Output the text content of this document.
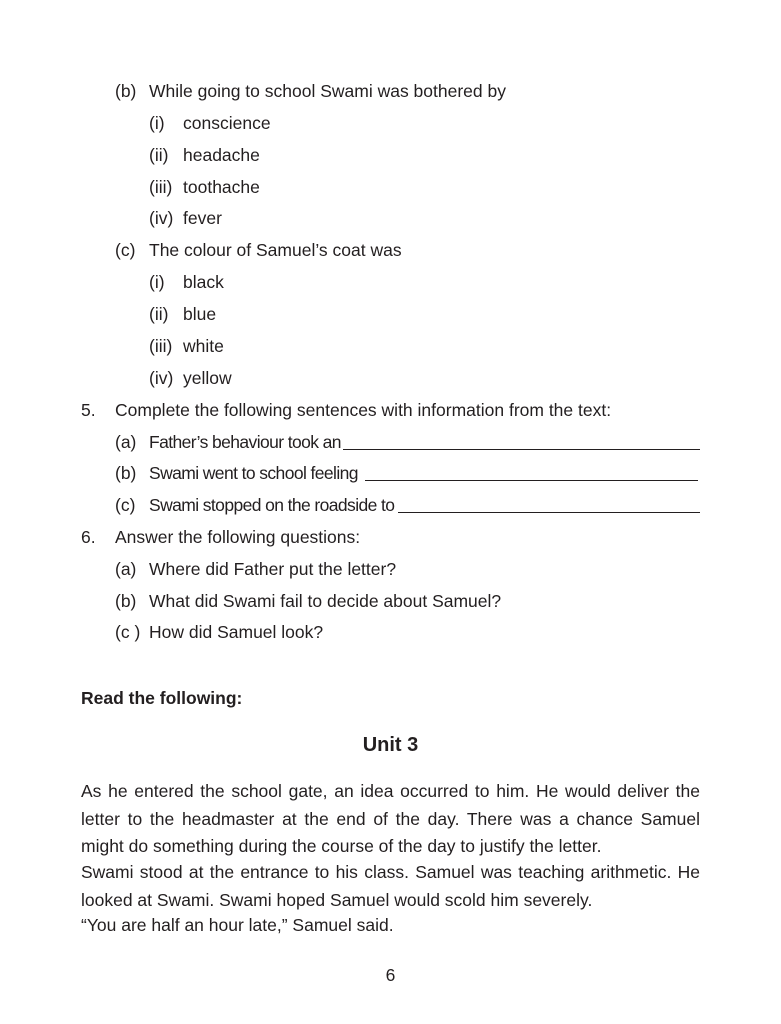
(b) While going to school Swami was bothered by
(i) conscience
(ii) headache
(iii) toothache
(iv) fever
(c) The colour of Samuel’s coat was
(i) black
(ii) blue
(iii) white
(iv) yellow
5. Complete the following sentences with information from the text:
(a) Father’s behaviour took an
(b) Swami went to school feeling
(c) Swami stopped on the roadside to
6. Answer the following questions:
(a) Where did Father put the letter?
(b) What did Swami fail to decide about Samuel?
(c ) How did Samuel look?
Read the following:
Unit 3
As he entered the school gate, an idea occurred to him. He would deliver the letter to the headmaster at the end of the day. There was a chance Samuel might do something during the course of the day to justify the letter.
Swami stood at the entrance to his class. Samuel was teaching arithmetic. He looked at Swami. Swami hoped Samuel would scold him severely.
“You are half an hour late,” Samuel said.
6
